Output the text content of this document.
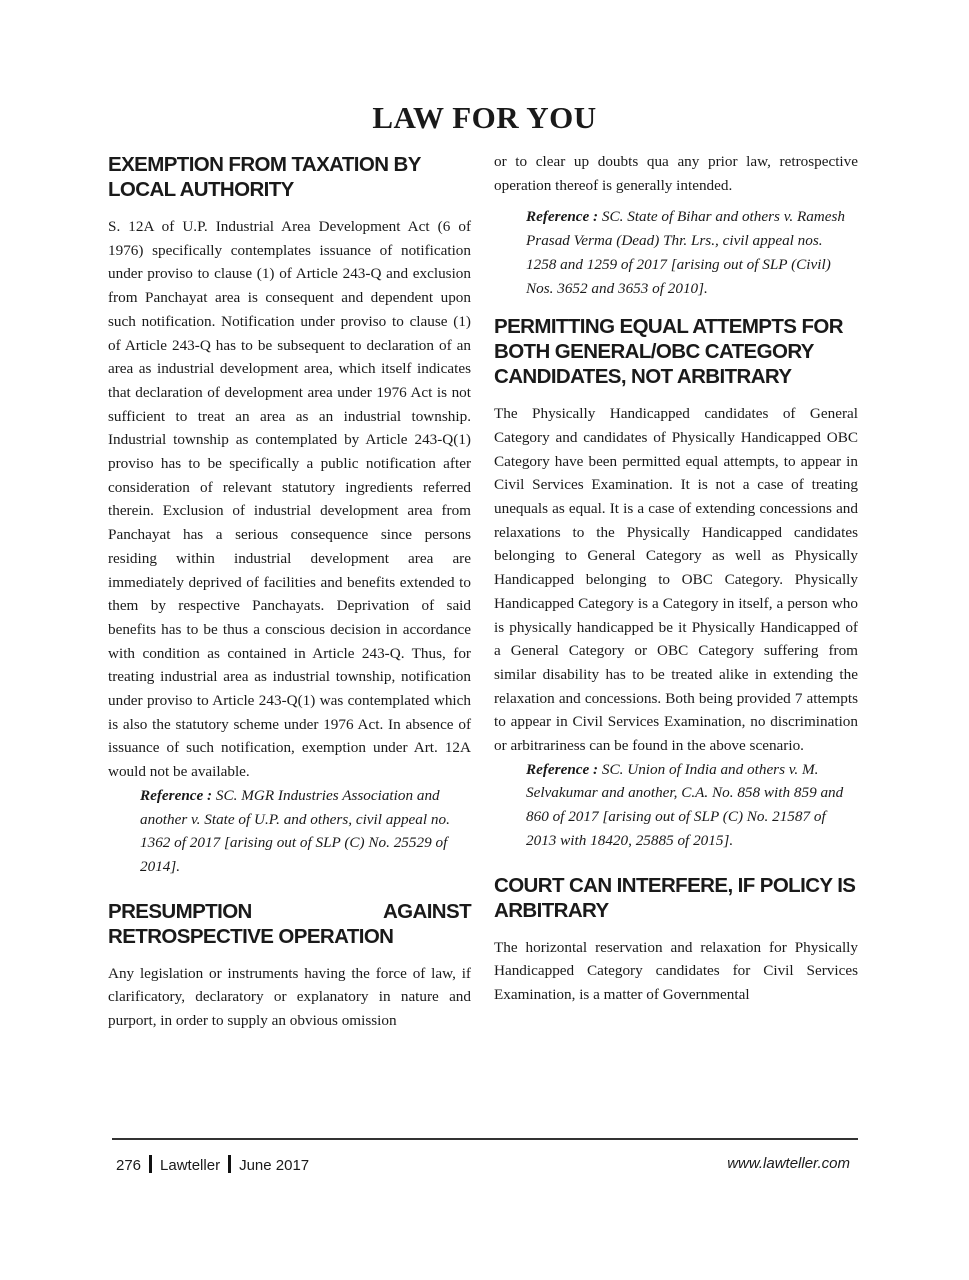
LAW FOR YOU
EXEMPTION FROM TAXATION BY LOCAL AUTHORITY

S. 12A of U.P. Industrial Area Development Act (6 of 1976) specifically contemplates issuance of notification under proviso to clause (1) of Article 243-Q and exclusion from Panchayat area is consequent and dependent upon such notification. Notification under proviso to clause (1) of Article 243-Q has to be subsequent to declaration of an area as industrial development area, which itself indicates that declaration of development area under 1976 Act is not sufficient to treat an area as an industrial township. Industrial township as contemplated by Article 243-Q(1) proviso has to be specifically a public notification after consideration of relevant statutory ingredients referred therein. Exclusion of industrial development area from Panchayat has a serious consequence since persons residing within industrial development area are immediately deprived of facilities and benefits extended to them by respective Panchayats. Deprivation of said benefits has to be thus a conscious decision in accordance with condition as contained in Article 243-Q. Thus, for treating industrial area as industrial township, notification under proviso to Article 243-Q(1) was contemplated which is also the statutory scheme under 1976 Act. In absence of issuance of such notification, exemption under Art. 12A would not be available.

Reference : SC. MGR Industries Association and another v. State of U.P. and others, civil appeal no. 1362 of 2017 [arising out of SLP (C) No. 25529 of 2014].

PRESUMPTION AGAINST RETROSPECTIVE OPERATION

Any legislation or instruments having the force of law, if clarificatory, declaratory or explanatory in nature and purport, in order to supply an obvious omission

or to clear up doubts qua any prior law, retrospective operation thereof is generally intended.

Reference : SC. State of Bihar and others v. Ramesh Prasad Verma (Dead) Thr. Lrs., civil appeal nos. 1258 and 1259 of 2017 [arising out of SLP (Civil) Nos. 3652 and 3653 of 2010].

PERMITTING EQUAL ATTEMPTS FOR BOTH GENERAL/OBC CATEGORY CANDIDATES, NOT ARBITRARY

The Physically Handicapped candidates of General Category and candidates of Physically Handicapped OBC Category have been permitted equal attempts, to appear in Civil Services Examination. It is not a case of treating unequals as equal. It is a case of extending concessions and relaxations to the Physically Handicapped candidates belonging to General Category as well as Physically Handicapped belonging to OBC Category. Physically Handicapped Category is a Category in itself, a person who is physically handicapped be it Physically Handicapped of a General Category or OBC Category suffering from similar disability has to be treated alike in extending the relaxation and concessions. Both being provided 7 attempts to appear in Civil Services Examination, no discrimination or arbitrariness can be found in the above scenario.

Reference : SC. Union of India and others v. M. Selvakumar and another, C.A. No. 858 with 859 and 860 of 2017 [arising out of SLP (C) No. 21587 of 2013 with 18420, 25885 of 2015].

COURT CAN INTERFERE, IF POLICY IS ARBITRARY

The horizontal reservation and relaxation for Physically Handicapped Category candidates for Civil Services Examination, is a matter of Governmental

276 Lawteller June 2017	www.lawteller.com
